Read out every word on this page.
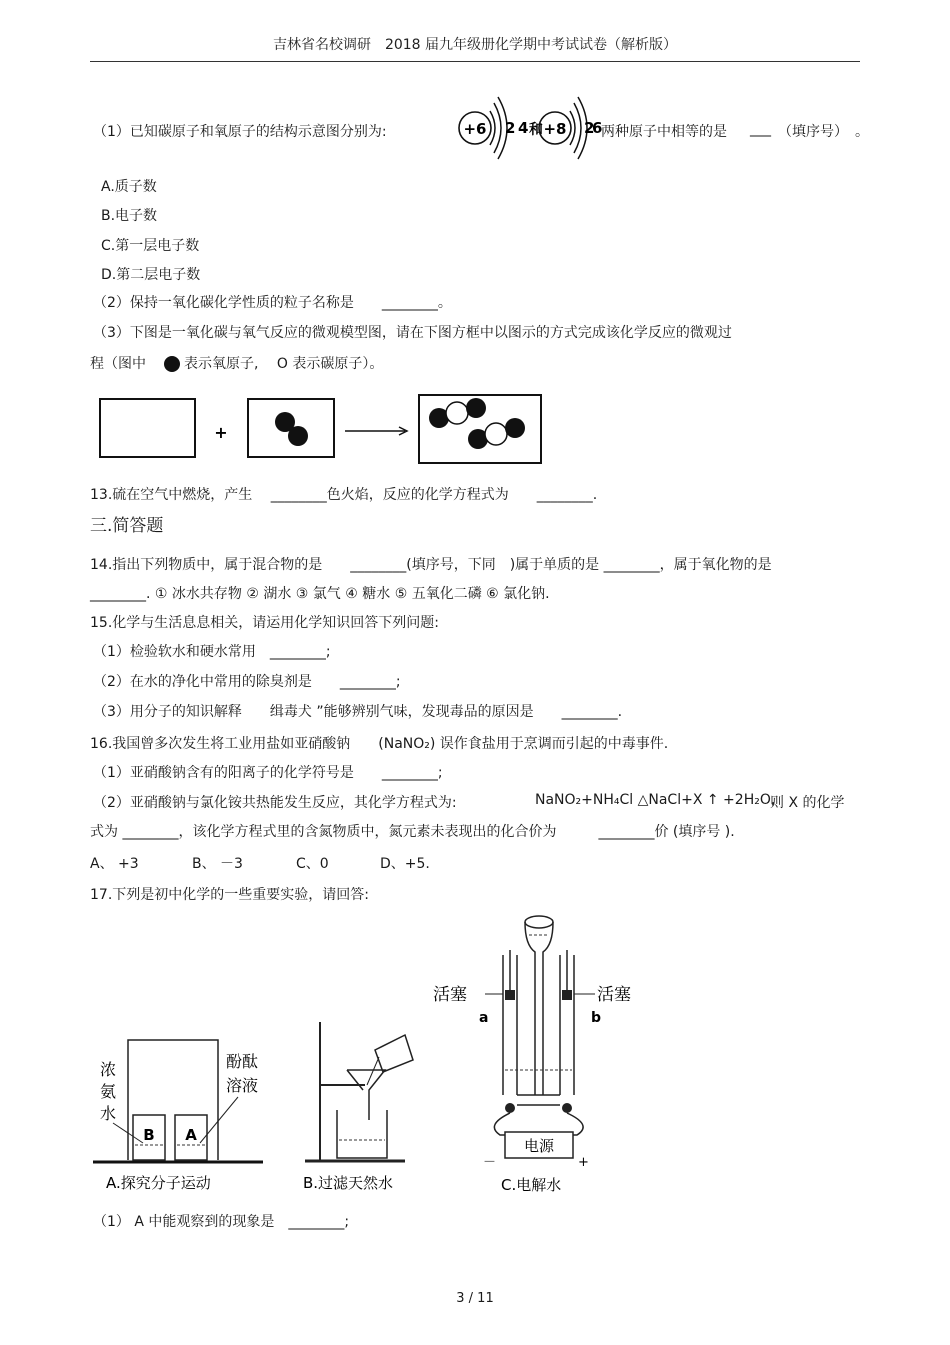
吉林省名校调研　2018 届九年级册化学期中考试试卷（解析版）
（1）已知碳原子和氧原子的结构示意图分别为:	+6 2 4 和 +8 2
6
两种原子中相等的是 ___ （填序号）　。
A.质子数
B.电子数
C.第一层电子数
D.第二层电子数
（2）保持一氧化碳化学性质的粒子名称是　　________。
（3）下图是一氧化碳与氧气反应的微观模型图，请在下图方框中以图示的方式完成该化学反应的微观过
程（图中	表示氧原子,　 O 表示碳原子）。
+
13.硫在空气中燃烧，产生　 ________色火焰，反应的化学方程式为　　________.
三.简答题
14.指出下列物质中，属于混合物的是　　________(填序号，下同　)属于单质的是 ________，属于氧化物的是
________. ① 冰水共存物 ② 湖水 ③ 氯气 ④ 糖水 ⑤ 五氧化二磷 ⑥ 氯化钠.
15.化学与生活息息相关，请运用化学知识回答下列问题:
（1）检验软水和硬水常用　________;
（2）在水的净化中常用的除臭剂是　　________;
（3）用分子的知识解释　　缉毒犬 ”能够辨别气味，发现毒品的原因是　　________.
16.我国曾多次发生将工业用盐如亚硝酸钠　　(NaNO₂) 误作食盐用于烹调而引起的中毒事件.
（1）亚硝酸钠含有的阳离子的化学符号是　　________;
（2）亚硝酸钠与氯化铵共热能发生反应，其化学方程式为:	NaNO₂+NH₄Cl △NaCl+X ↑ +2H₂O,
则 X 的化学
式为 ________，该化学方程式里的含氮物质中，氮元素未表现出的化合价为　　　________价 (填序号 ).
A、 +3	B、 －3	C、0	D、+5.
17.下列是初中化学的一些重要实验，请回答:
B A
浓
氨
水
酚酞
溶液
A.探究分子运动	B.过滤天然水
活塞	活塞
a	b
电源
－	+
C.电解水
（1） A 中能观察到的现象是　________;
3 / 11
